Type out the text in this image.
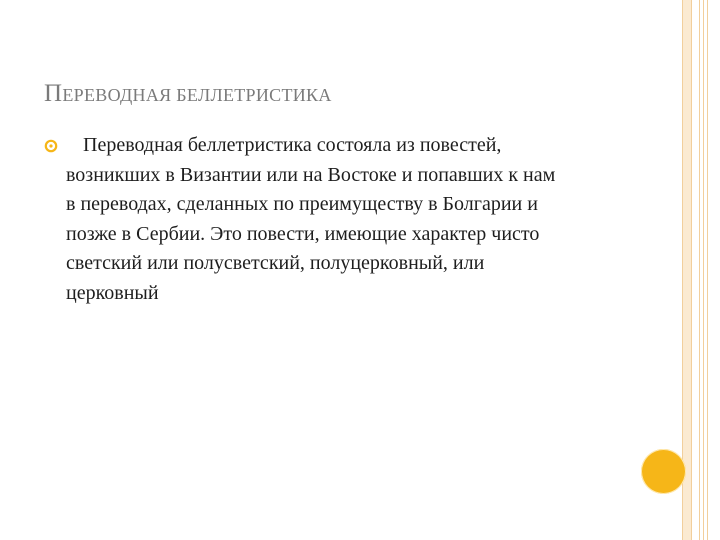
ПЕРЕВОДНАЯ БЕЛЛЕТРИСТИКА
Переводная беллетристика состояла из повестей, возникших в Византии или на Востоке и попавших к нам в переводах, сделанных по преимуществу в Болгарии и позже в Сербии. Это повести, имеющие характер чисто светский или полусветский, полуцерковный, или церковный
